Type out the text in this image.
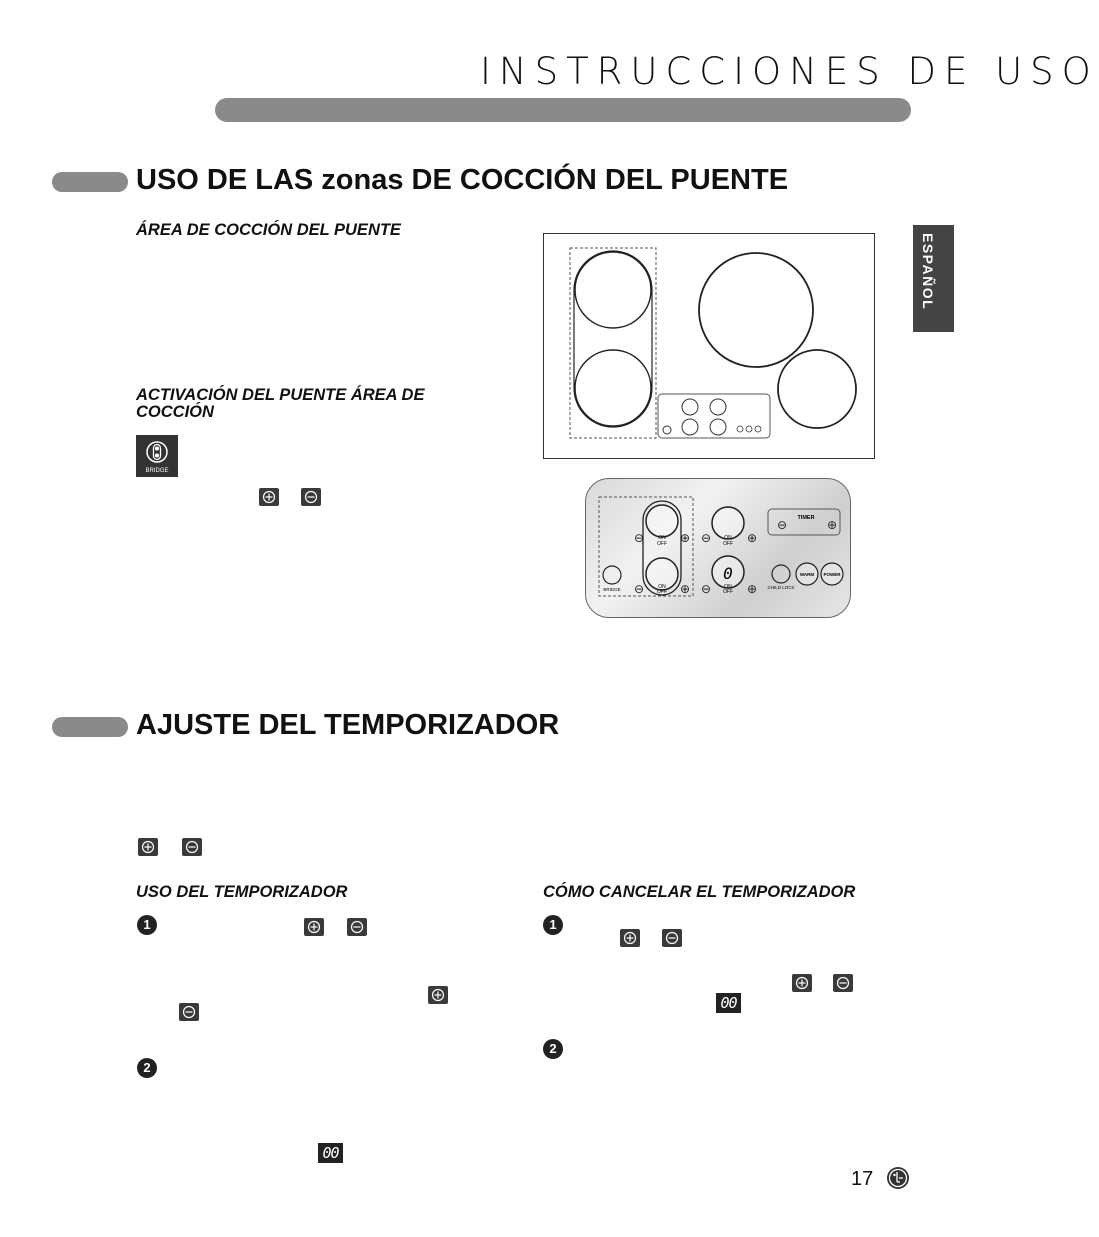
INSTRUCCIONES DE USO
ESPAÑOL
USO DE LAS zonas DE COCCIÓN DEL PUENTE
ÁREA DE COCCIÓN DEL PUENTE
ACTIVACIÓN DEL PUENTE ÁREA DE COCCIÓN
BRIDGE
ON
OFF
ON
OFF
ON
OFF
ON
OFF
0
⊖	⊕
⊖	⊕
⊖	⊕
⊖	⊕
TIMER
⊖	⊕
BRIDGE	CHILD LOCK
WARM POWER
AJUSTE DEL TEMPORIZADOR
USO DEL TEMPORIZADOR	CÓMO CANCELAR EL TEMPORIZADOR
1
2
00
1
00
2
17
